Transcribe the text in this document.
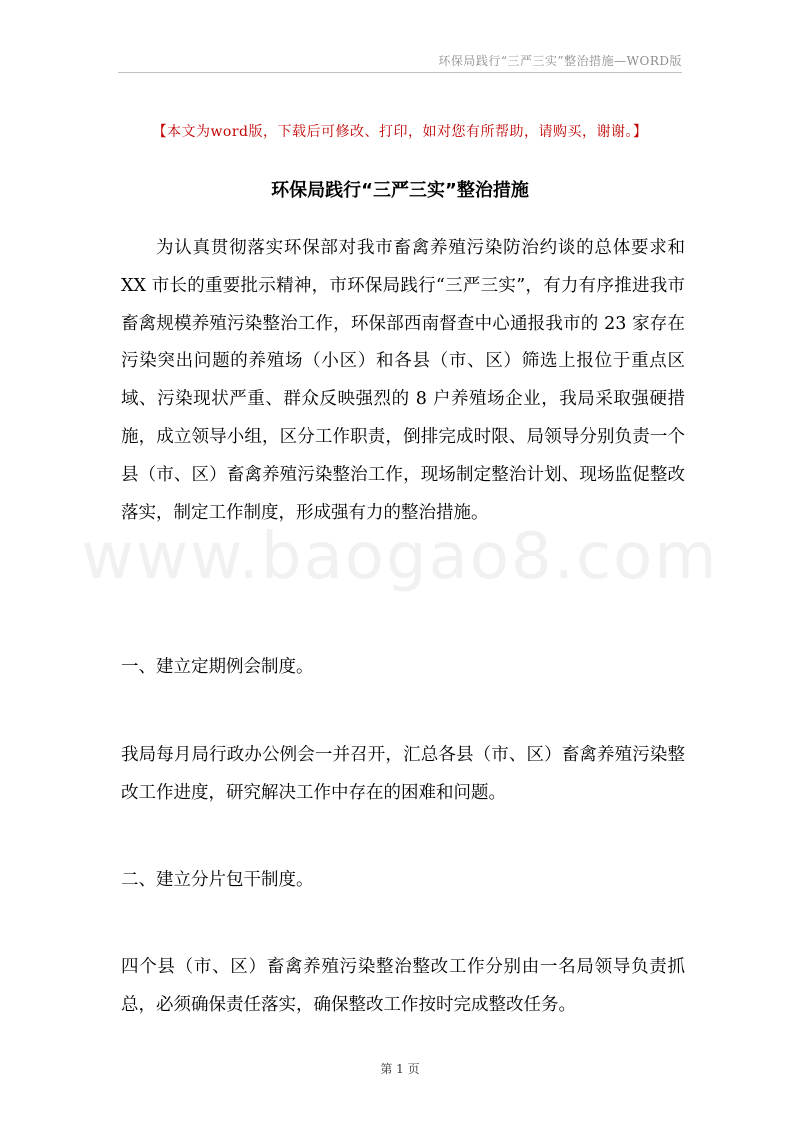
环保局践行“三严三实”整治措施—WORD版
【本文为word版，下载后可修改、打印，如对您有所帮助，请购买，谢谢。】
环保局践行“三严三实”整治措施
为认真贯彻落实环保部对我市畜禽养殖污染防治约谈的总体要求和 XX 市长的重要批示精神，市环保局践行“三严三实”，有力有序推进我市畜禽规模养殖污染整治工作，环保部西南督查中心通报我市的 23 家存在污染突出问题的养殖场（小区）和各县（市、区）筛选上报位于重点区域、污染现状严重、群众反映强烈的 8 户养殖场企业，我局采取强硬措施，成立领导小组，区分工作职责，倒排完成时限、局领导分别负责一个县（市、区）畜禽养殖污染整治工作，现场制定整治计划、现场监促整改落实，制定工作制度，形成强有力的整治措施。
www.baogao8.com
一、建立定期例会制度。
我局每月局行政办公例会一并召开，汇总各县（市、区）畜禽养殖污染整改工作进度，研究解决工作中存在的困难和问题。
二、建立分片包干制度。
四个县（市、区）畜禽养殖污染整治整改工作分别由一名局领导负责抓总，必须确保责任落实，确保整改工作按时完成整改任务。
第 1 页
